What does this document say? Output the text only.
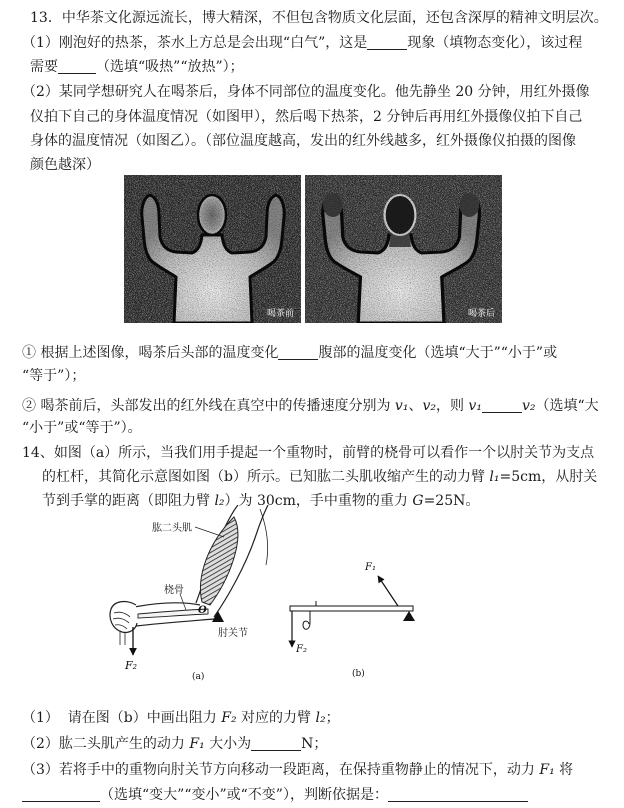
13．中华茶文化源远流长，博大精深，不但包含物质文化层面，还包含深厚的精神文明层次。
（1）刚泡好的热茶，茶水上方总是会出现“白气”，这是	现象（填物态变化），该过程
需要	（选填“吸热”“放热”）；
（2）某同学想研究人在喝茶后，身体不同部位的温度变化。他先静坐 20 分钟，用红外摄像
仪拍下自己的身体温度情况（如图甲），然后喝下热茶，2 分钟后再用红外摄像仪拍下自己
身体的温度情况（如图乙）。（部位温度越高，发出的红外线越多，红外摄像仪拍摄的图像
颜色越深）
喝茶前	喝茶后
① 根据上述图像，喝茶后头部的温度变化	腹部的温度变化（选填“大于”“小于”或
“等于”）；
② 喝茶前后，头部发出的红外线在真空中的传播速度分别为 v₁、v₂，则 v₁	v₂（选填“大
“小于”或“等于”）。
14、如图（a）所示，当我们用手提起一个重物时，前臂的桡骨可以看作一个以肘关节为支点
的杠杆，其简化示意图如图（b）所示。已知肱二头肌收缩产生的动力臂 l₁=5cm，从肘关
节到手掌的距离（即阻力臂 l₂）为 30cm，手中重物的重力 G=25N。
F₂
O
肘关节
肱二头肌
桡骨
(a)
F₁
F₂
(b)
（1）  请在图（b）中画出阻力 F₂ 对应的力臂 l₂；
（2）肱二头肌产生的动力 F₁ 大小为	N；
（3）若将手中的重物向肘关节方向移动一段距离，在保持重物静止的情况下，动力 F₁ 将
（选填“变大”“变小”或“不变”），判断依据是：
